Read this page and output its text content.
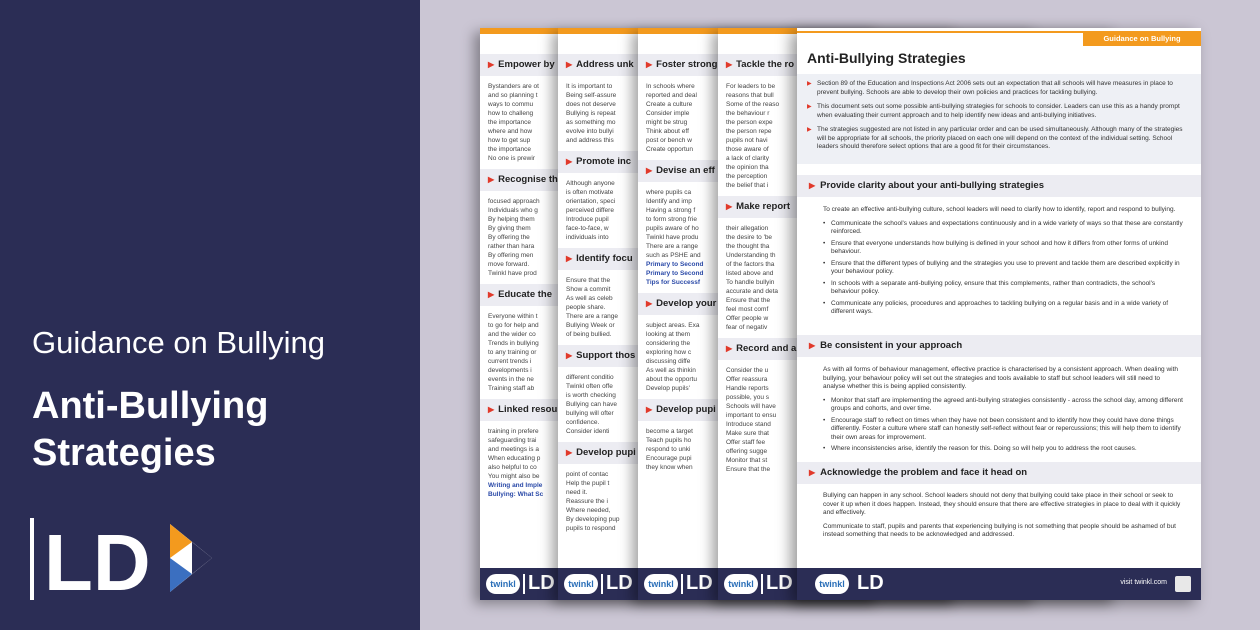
Guidance on Bullying
Anti-Bullying
Strategies
LD
▶ Empower by
Bystanders are ot
and so planning t
ways to commu
how to challeng
the importance
where and how
how to get sup
the importance
No one is prewir
▶ Recognise th
focused approach
Individuals who g
By helping them
By giving them
By offering the
rather than hara
By offering men
move forward.
Twinkl have prod
▶ Educate the
Everyone within t
to go for help and
and the wider co
Trends in bullying
to any training or
current trends i
developments i
events in the ne
Training staff ab
▶ Linked resou
training in prefere
safeguarding trai
and meetings is a
When educating p
also helpful to co
You might also be
Writing and Imple
Bullying: What Sc
twinkl LD
▶ Address unk
It is important to
Being self-assure
does not deserve
Bullying is repeat
as something mo
evolve into bullyi
and address this
▶ Promote inc
Although anyone
is often motivate
orientation, speci
perceived differe
Introduce pupil
face-to-face, w
individuals into
▶ Identify focu
Ensure that the
Show a commit
As well as celeb
people share.
There are a range
Bullying Week or
of being bullied.
▶ Support thos
different conditio
Twinkl often offe
is worth checking
Bullying can have
bullying will ofter
confidence.
Consider identi
▶ Develop pupi
point of contac
Help the pupil t
need it.
Reassure the i
Where needed,
By developing pup
pupils to respond
twinkl LD
▶ Foster strong
In schools where
reported and deal
Create a culture
Consider imple
might be strug
Think about eff
post or bench w
Create opportun
▶ Devise an eff
where pupils ca
Identify and imp
Having a strong f
to form strong frie
pupils aware of ho
Twinkl have produ
There are a range
such as PSHE and
Primary to Second
Primary to Second
Tips for Successf
▶ Develop your
subject areas. Exa
looking at them
considering the
exploring how c
discussing diffe
As well as thinkin
about the opportu
Develop pupils'
▶ Develop pupi
become a target
Teach pupils ho
respond to unki
Encourage pupi
they know when
twinkl LD
▶ Tackle the ro
For leaders to be
reasons that bull
Some of the reaso
the behaviour r
the person expe
the person repe
pupils not havi
those aware of
a lack of clarity
the opinion tha
the perception
the belief that i
▶ Make report
their allegation
the desire to 'be
the thought tha
Understanding th
of the factors tha
listed above and
To handle bullyin
accurate and deta
Ensure that the
feel most comf
Offer people w
fear of negativ
▶ Record and a
Consider the u
Offer reassura
Handle reports
possible, you s
Schools will have
important to ensu
Introduce stand
Make sure that
Offer staff fee
offering sugge
Monitor that st
Ensure that the
twinkl LD
Guidance on Bullying
Anti-Bullying Strategies
▶ Section 89 of the Education and Inspections Act 2006 sets out an expectation that all schools will have measures in place to prevent bullying. Schools are able to develop their own policies and practices for tackling bullying.
▶ This document sets out some possible anti-bullying strategies for schools to consider. Leaders can use this as a handy prompt when evaluating their current approach and to help identify new ideas and anti-bullying initiatives.
▶ The strategies suggested are not listed in any particular order and can be used simultaneously. Although many of the strategies will be appropriate for all schools, the priority placed on each one will depend on the context of the individual setting. School leaders should therefore select options that are a good fit for their circumstances.
▶ Provide clarity about your anti-bullying strategies

To create an effective anti-bullying culture, school leaders will need to clarify how to identify, report and respond to bullying.

• Communicate the school's values and expectations continuously and in a wide variety of ways so that these are constantly reinforced.
• Ensure that everyone understands how bullying is defined in your school and how it differs from other forms of unkind behaviour.
• Ensure that the different types of bullying and the strategies you use to prevent and tackle them are described explicitly in your behaviour policy.
• In schools with a separate anti-bullying policy, ensure that this complements, rather than contradicts, the school's behaviour policy.
• Communicate any policies, procedures and approaches to tackling bullying on a regular basis and in a wide variety of different ways.
▶ Be consistent in your approach

As with all forms of behaviour management, effective practice is characterised by a consistent approach. When dealing with bullying, your behaviour policy will set out the strategies and tools available to staff but school leaders will still need to analyse whether this is being applied consistently.

• Monitor that staff are implementing the agreed anti-bullying strategies consistently - across the school day, among different groups and cohorts, and over time.
• Encourage staff to reflect on times when they have not been consistent and to identify how they could have done things differently. Foster a culture where staff can honestly self-reflect without fear or repercussions; this will help them to identify their own areas for improvement.
• Where inconsistencies arise, identify the reason for this. Doing so will help you to address the root causes.
▶ Acknowledge the problem and face it head on

Bullying can happen in any school. School leaders should not deny that bullying could take place in their school or seek to cover it up when it does happen. Instead, they should ensure that there are effective strategies in place to deal with it quickly and effectively.

Communicate to staff, pupils and parents that experiencing bullying is not something that people should be ashamed of but instead something that needs to be acknowledged and addressed.

twinkl LD	visit twinkl.com
